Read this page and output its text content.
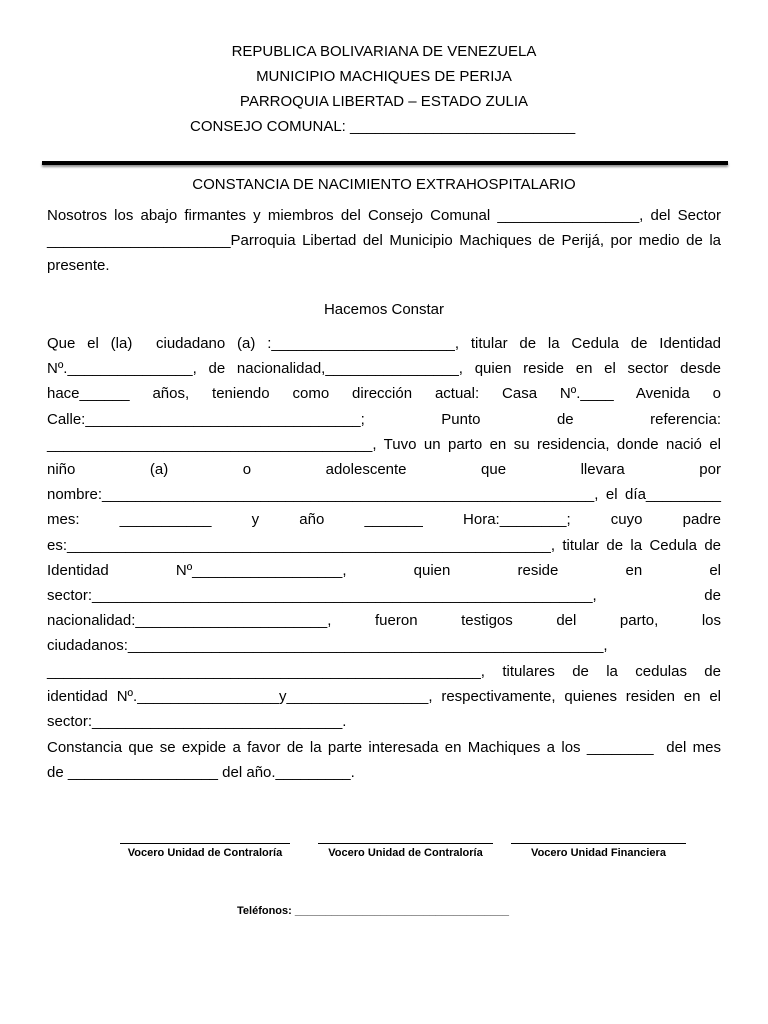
REPUBLICA BOLIVARIANA DE VENEZUELA
MUNICIPIO MACHIQUES DE PERIJA
PARROQUIA LIBERTAD – ESTADO ZULIA
CONSEJO COMUNAL: ___________________________
CONSTANCIA DE NACIMIENTO EXTRAHOSPITALARIO
Nosotros los abajo firmantes y miembros del Consejo Comunal _________________, del Sector
______________________Parroquia Libertad del Municipio Machiques de Perijá, por medio de la
presente.
Hacemos Constar
Que el (la)  ciudadano (a) :______________________, titular de la Cedula de Identidad
Nº._______________, de nacionalidad,________________, quien reside en el sector desde
hace______ años, teniendo como dirección actual: Casa Nº.____ Avenida o
Calle:_________________________________; Punto de referencia:
_______________________________________, Tuvo un parto en su residencia, donde nació el
niño (a) o adolescente que llevara por
nombre:___________________________________________________________, el día_________
mes: ___________ y año _______ Hora:________; cuyo padre
es:__________________________________________________________, titular de la Cedula de
Identidad Nº__________________, quien reside en el
sector:____________________________________________________________, de
nacionalidad:_______________________, fueron testigos del parto, los
ciudadanos:_________________________________________________________,
____________________________________________________, titulares de la cedulas de
identidad Nº._________________y_________________, respectivamente, quienes residen en el
sector:______________________________.
Constancia que se expide a favor de la parte interesada en Machiques a los ________  del mes
de __________________ del año._________.
Vocero Unidad de Contraloría	Vocero Unidad de Contraloría	Vocero Unidad Financiera
Teléfonos: ___________________________________
